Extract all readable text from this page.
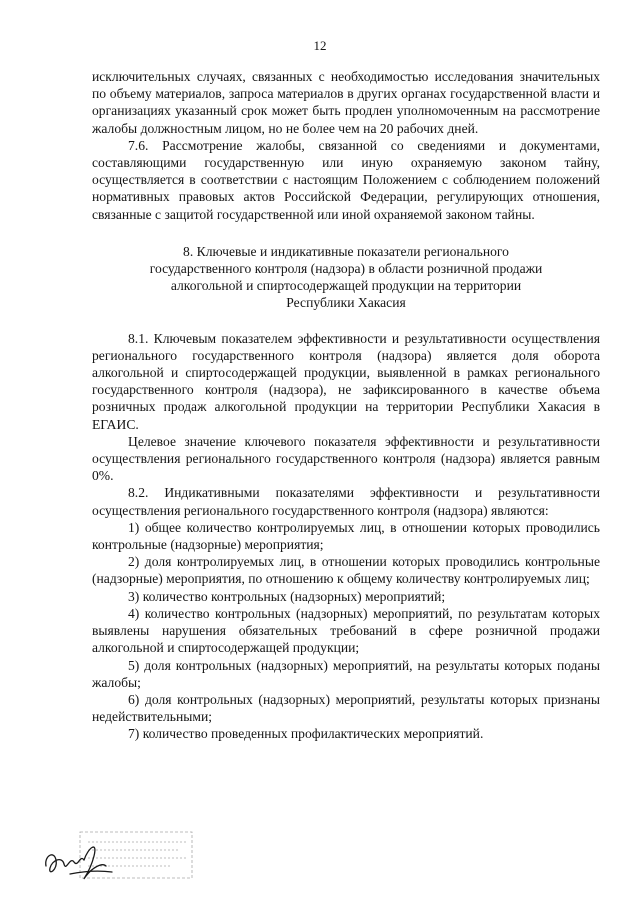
12

исключительных случаях, связанных с необходимостью исследования значительных по объему материалов, запроса материалов в других органах государственной власти и организациях указанный срок может быть продлен уполномоченным на рассмотрение жалобы должностным лицом, но не более чем на 20 рабочих дней.

7.6. Рассмотрение жалобы, связанной со сведениями и документами, составляющими государственную или иную охраняемую законом тайну, осуществляется в соответствии с настоящим Положением с соблюдением положений нормативных правовых актов Российской Федерации, регулирующих отношения, связанные с защитой государственной или иной охраняемой законом тайны.

8. Ключевые и индикативные показатели регионального
государственного контроля (надзора) в области розничной продажи
алкогольной и спиртосодержащей продукции на территории
Республики Хакасия

8.1. Ключевым показателем эффективности и результативности осуществления регионального государственного контроля (надзора) является доля оборота алкогольной и спиртосодержащей продукции, выявленной в рамках регионального государственного контроля (надзора), не зафиксированного в качестве объема розничных продаж алкогольной продукции на территории Республики Хакасия в ЕГАИС.

Целевое значение ключевого показателя эффективности и результативности осуществления регионального государственного контроля (надзора) является равным 0%.

8.2. Индикативными показателями эффективности и результативности осуществления регионального государственного контроля (надзора) являются:

1) общее количество контролируемых лиц, в отношении которых проводились контрольные (надзорные) мероприятия;

2) доля контролируемых лиц, в отношении которых проводились контрольные (надзорные) мероприятия, по отношению к общему количеству контролируемых лиц;

3) количество контрольных (надзорных) мероприятий;

4) количество контрольных (надзорных) мероприятий, по результатам которых выявлены нарушения обязательных требований в сфере розничной продажи алкогольной и спиртосодержащей продукции;

5) доля контрольных (надзорных) мероприятий, на результаты которых поданы жалобы;

6) доля контрольных (надзорных) мероприятий, результаты которых признаны недействительными;

7) количество проведенных профилактических мероприятий.
